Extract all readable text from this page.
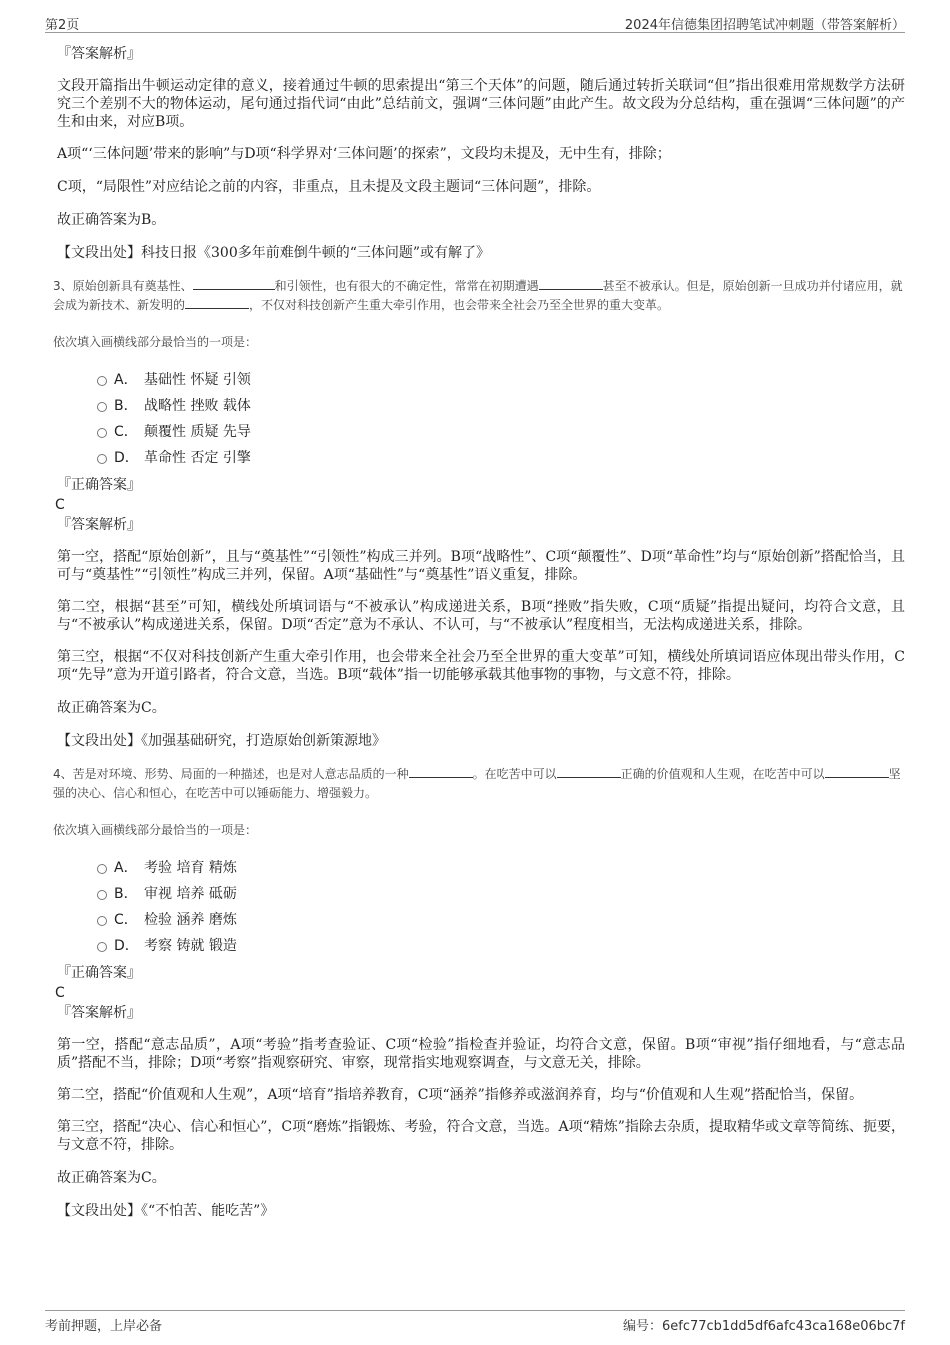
第2页	2024年信德集团招聘笔试冲刺题（带答案解析）

『答案解析』

文段开篇指出牛顿运动定律的意义，接着通过牛顿的思索提出“第三个天体”的问题，随后通过转折关联词“但”指出很难用常规数学方法研究三个差别不大的物体运动，尾句通过指代词“由此”总结前文，强调“三体问题”由此产生。故文段为分总结构，重在强调“三体问题”的产生和由来，对应B项。

A项“‘三体问题’带来的影响”与D项“科学界对‘三体问题’的探索”，文段均未提及，无中生有，排除；

C项，“局限性”对应结论之前的内容，非重点，且未提及文段主题词“三体问题”，排除。

故正确答案为B。

【文段出处】科技日报《300多年前难倒牛顿的“三体问题”或有解了》

3、原始创新具有奠基性、	和引领性，也有很大的不确定性，常常在初期遭遇	甚至不被承认。但是，原始创新一旦成功并付诸应用，就会成为新技术、新发明的	，不仅对科技创新产生重大牵引作用，也会带来全社会乃至全世界的重大变革。

依次填入画横线部分最恰当的一项是：

A． 基础性 怀疑 引领
B． 战略性 挫败 载体
C． 颠覆性 质疑 先导
D． 革命性 否定 引擎

『正确答案』

C

『答案解析』

第一空，搭配“原始创新”，且与“奠基性”“引领性”构成三并列。B项“战略性”、C项“颠覆性”、D项“革命性”均与“原始创新”搭配恰当，且可与“奠基性”“引领性”构成三并列，保留。A项“基础性”与“奠基性”语义重复，排除。

第二空，根据“甚至”可知，横线处所填词语与“不被承认”构成递进关系，B项“挫败”指失败，C项“质疑”指提出疑问，均符合文意，且与“不被承认”构成递进关系，保留。D项“否定”意为不承认、不认可，与“不被承认”程度相当，无法构成递进关系，排除。

第三空，根据“不仅对科技创新产生重大牵引作用，也会带来全社会乃至全世界的重大变革”可知，横线处所填词语应体现出带头作用，C项“先导”意为开道引路者，符合文意，当选。B项“载体”指一切能够承载其他事物的事物，与文意不符，排除。

故正确答案为C。

【文段出处】《加强基础研究，打造原始创新策源地》

4、苦是对环境、形势、局面的一种描述，也是对人意志品质的一种	。在吃苦中可以	正确的价值观和人生观，在吃苦中可以	坚强的决心、信心和恒心，在吃苦中可以锤砺能力、增强毅力。

依次填入画横线部分最恰当的一项是：

A． 考验 培育 精炼
B． 审视 培养 砥砺
C． 检验 涵养 磨炼
D． 考察 铸就 锻造

『正确答案』

C

『答案解析』

第一空，搭配“意志品质”，A项“考验”指考查验证、C项“检验”指检查并验证，均符合文意，保留。B项“审视”指仔细地看，与“意志品质”搭配不当，排除；D项“考察”指观察研究、审察，现常指实地观察调查，与文意无关，排除。

第二空，搭配“价值观和人生观”，A项“培育”指培养教育，C项“涵养”指修养或滋润养育，均与“价值观和人生观”搭配恰当，保留。

第三空，搭配“决心、信心和恒心”，C项“磨炼”指锻炼、考验，符合文意，当选。A项“精炼”指除去杂质，提取精华或文章等简练、扼要，与文意不符，排除。

故正确答案为C。

【文段出处】《“不怕苦、能吃苦”》

考前押题，上岸必备	编号：6efc77cb1dd5df6afc43ca168e06bc7f
